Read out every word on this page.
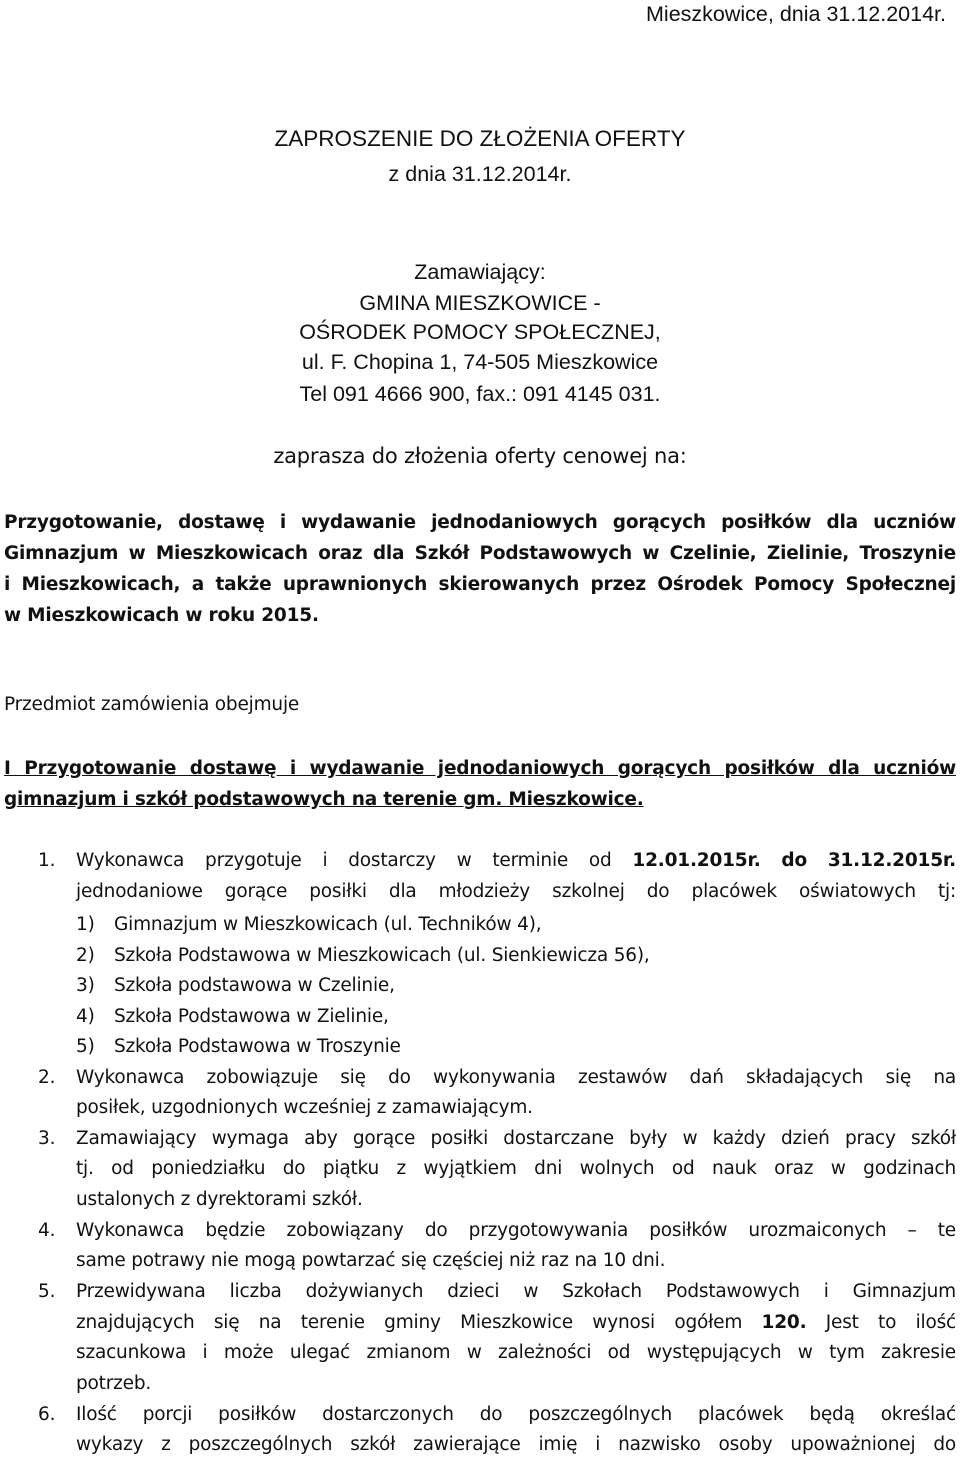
Mieszkowice, dnia 31.12.2014r.
ZAPROSZENIE DO ZŁOŻENIA OFERTY
z dnia 31.12.2014r.
Zamawiający:
GMINA MIESZKOWICE -
OŚRODEK POMOCY SPOŁECZNEJ,
ul. F. Chopina 1, 74-505 Mieszkowice
Tel 091 4666 900, fax.: 091 4145 031.
zaprasza do złożenia oferty cenowej na:
Przygotowanie, dostawę i wydawanie jednodaniowych gorących posiłków dla uczniów
Gimnazjum w Mieszkowicach oraz dla Szkół Podstawowych w Czelinie, Zielinie, Troszynie
i Mieszkowicach, a także uprawnionych skierowanych przez Ośrodek Pomocy Społecznej
w Mieszkowicach w roku 2015.
Przedmiot zamówienia obejmuje
I Przygotowanie dostawę i wydawanie jednodaniowych gorących posiłków dla uczniów
gimnazjum i szkół podstawowych na terenie gm. Mieszkowice.
1. Wykonawca przygotuje i dostarczy w terminie od 12.01.2015r. do 31.12.2015r.
jednodaniowe gorące posiłki dla młodzieży szkolnej do placówek oświatowych tj:
1) Gimnazjum w Mieszkowicach (ul. Techników 4),
2) Szkoła Podstawowa w Mieszkowicach (ul. Sienkiewicza 56),
3) Szkoła podstawowa w Czelinie,
4) Szkoła Podstawowa w Zielinie,
5) Szkoła Podstawowa w Troszynie
2. Wykonawca zobowiązuje się do wykonywania zestawów dań składających się na
posiłek, uzgodnionych wcześniej z zamawiającym.
3. Zamawiający wymaga aby gorące posiłki dostarczane były w każdy dzień pracy szkół
tj. od poniedziałku do piątku z wyjątkiem dni wolnych od nauk oraz w godzinach
ustalonych z dyrektorami szkół.
4. Wykonawca będzie zobowiązany do przygotowywania posiłków urozmaiconych – te
same potrawy nie mogą powtarzać się częściej niż raz na 10 dni.
5. Przewidywana liczba dożywianych dzieci w Szkołach Podstawowych i Gimnazjum
znajdujących się na terenie gminy Mieszkowice wynosi ogółem 120. Jest to ilość
szacunkowa i może ulegać zmianom w zależności od występujących w tym zakresie
potrzeb.
6. Ilość porcji posiłków dostarczonych do poszczególnych placówek będą określać
wykazy z poszczególnych szkół zawierające imię i nazwisko osoby upoważnionej do
